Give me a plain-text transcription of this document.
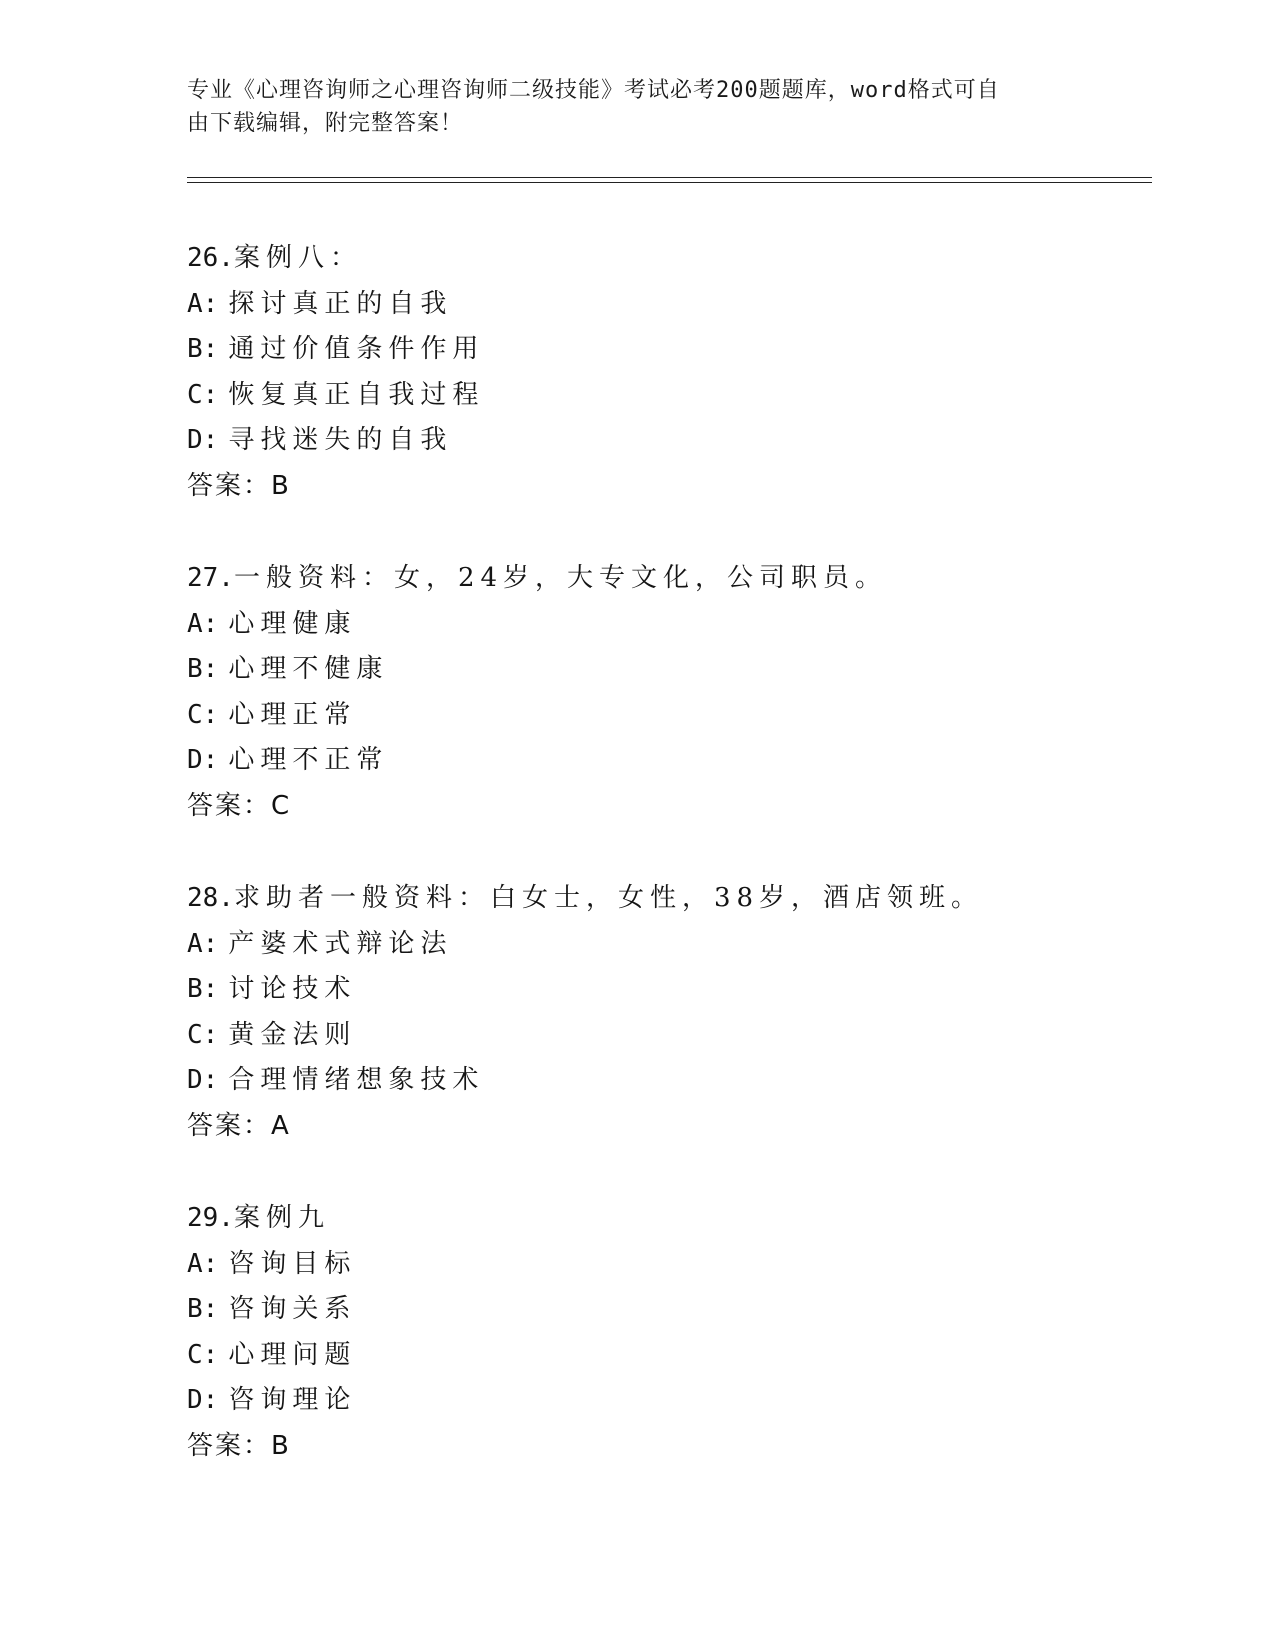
专业《心理咨询师之心理咨询师二级技能》考试必考200题题库，word格式可自
由下载编辑，附完整答案！
26.案例八：
A: 探讨真正的自我
B: 通过价值条件作用
C: 恢复真正自我过程
D: 寻找迷失的自我
答案：B
27.一般资料：女，24岁，大专文化，公司职员。
A: 心理健康
B: 心理不健康
C: 心理正常
D: 心理不正常
答案：C
28.求助者一般资料：白女士，女性，38岁，酒店领班。
A: 产婆术式辩论法
B: 讨论技术
C: 黄金法则
D: 合理情绪想象技术
答案：A
29.案例九
A: 咨询目标
B: 咨询关系
C: 心理问题
D: 咨询理论
答案：B
